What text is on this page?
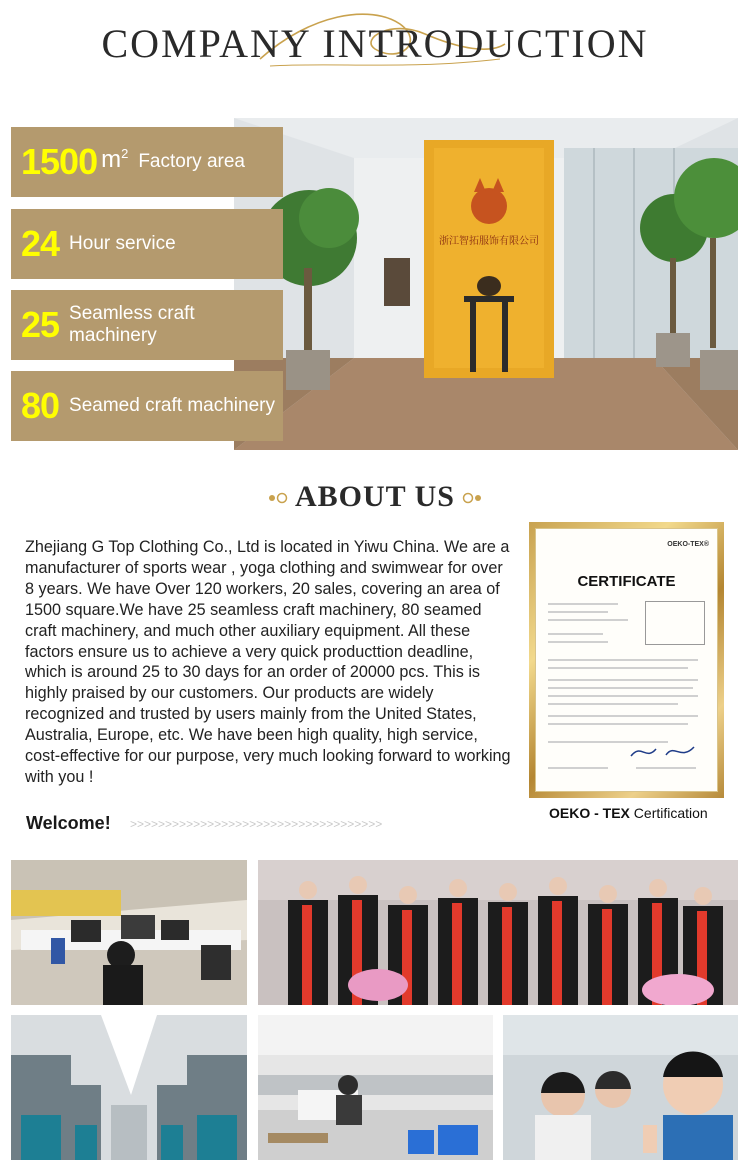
COMPANY INTRODUCTION
浙江智拓服饰有限公司
1500 $m^2$ Factory area
24 Hour service
25 Seamless craft machinery
80 Seamed craft machinery
ABOUT US

Zhejiang G Top Clothing Co., Ltd is located in Yiwu China. We are a manufacturer of sports wear , yoga clothing and swimwear for over 8 years. We have Over 120 workers, 20 sales, covering an area of 1500 square.We have 25 seamless craft machinery, 80 seamed craft machinery, and much other auxiliary equipment. All these factors ensure us to achieve a very quick producttion deadline, which is around 25 to 30 days for an order of 20000 pcs. This is highly praised by our customers. Our products are widely recognized and trusted by users mainly from the United States, Australia, Europe, etc. We have been high quality, high service, cost-effective for our purpose, very much looking forward to working with you !

OEKO-TEX®
CERTIFICATE
OEKO - TEX Certification
Welcome! >>>>>>>>>>>>>>>>>>>>>>>>>>>>>>>>>>>>
